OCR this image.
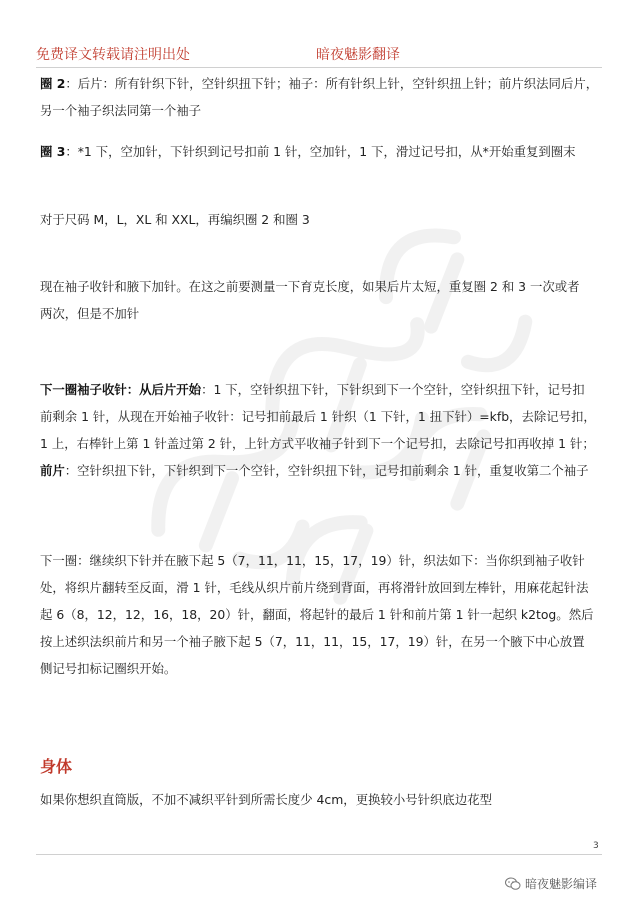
免费译文转载请注明出处	暗夜魅影翻译
圈 2：后片：所有针织下针，空针织扭下针；袖子：所有针织上针，空针织扭上针；前片织法同后片，
另一个袖子织法同第一个袖子
圈 3：*1 下，空加针，下针织到记号扣前 1 针，空加针，1 下，滑过记号扣，从*开始重复到圈末
对于尺码 M，L，XL 和 XXL，再编织圈 2 和圈 3
现在袖子收针和腋下加针。在这之前要测量一下育克长度，如果后片太短，重复圈 2 和 3 一次或者
两次，但是不加针
下一圈袖子收针：从后片开始：1 下，空针织扭下针，下针织到下一个空针，空针织扭下针，记号扣
前剩余 1 针，从现在开始袖子收针：记号扣前最后 1 针织（1 下针，1 扭下针）=kfb，去除记号扣，
1 上，右棒针上第 1 针盖过第 2 针，上针方式平收袖子针到下一个记号扣，去除记号扣再收掉 1 针；
前片：空针织扭下针，下针织到下一个空针，空针织扭下针，记号扣前剩余 1 针，重复收第二个袖子
下一圈：继续织下针并在腋下起 5（7，11，11，15，17，19）针，织法如下：当你织到袖子收针
处，将织片翻转至反面，滑 1 针，毛线从织片前片绕到背面，再将滑针放回到左棒针，用麻花起针法
起 6（8，12，12，16，18，20）针，翻面，将起针的最后 1 针和前片第 1 针一起织 k2tog。然后
按上述织法织前片和另一个袖子腋下起 5（7，11，11，15，17，19）针，在另一个腋下中心放置
侧记号扣标记圈织开始。
身体
如果你想织直筒版，不加不减织平针到所需长度少 4cm，更换较小号针织底边花型
3
暗夜魅影编译
